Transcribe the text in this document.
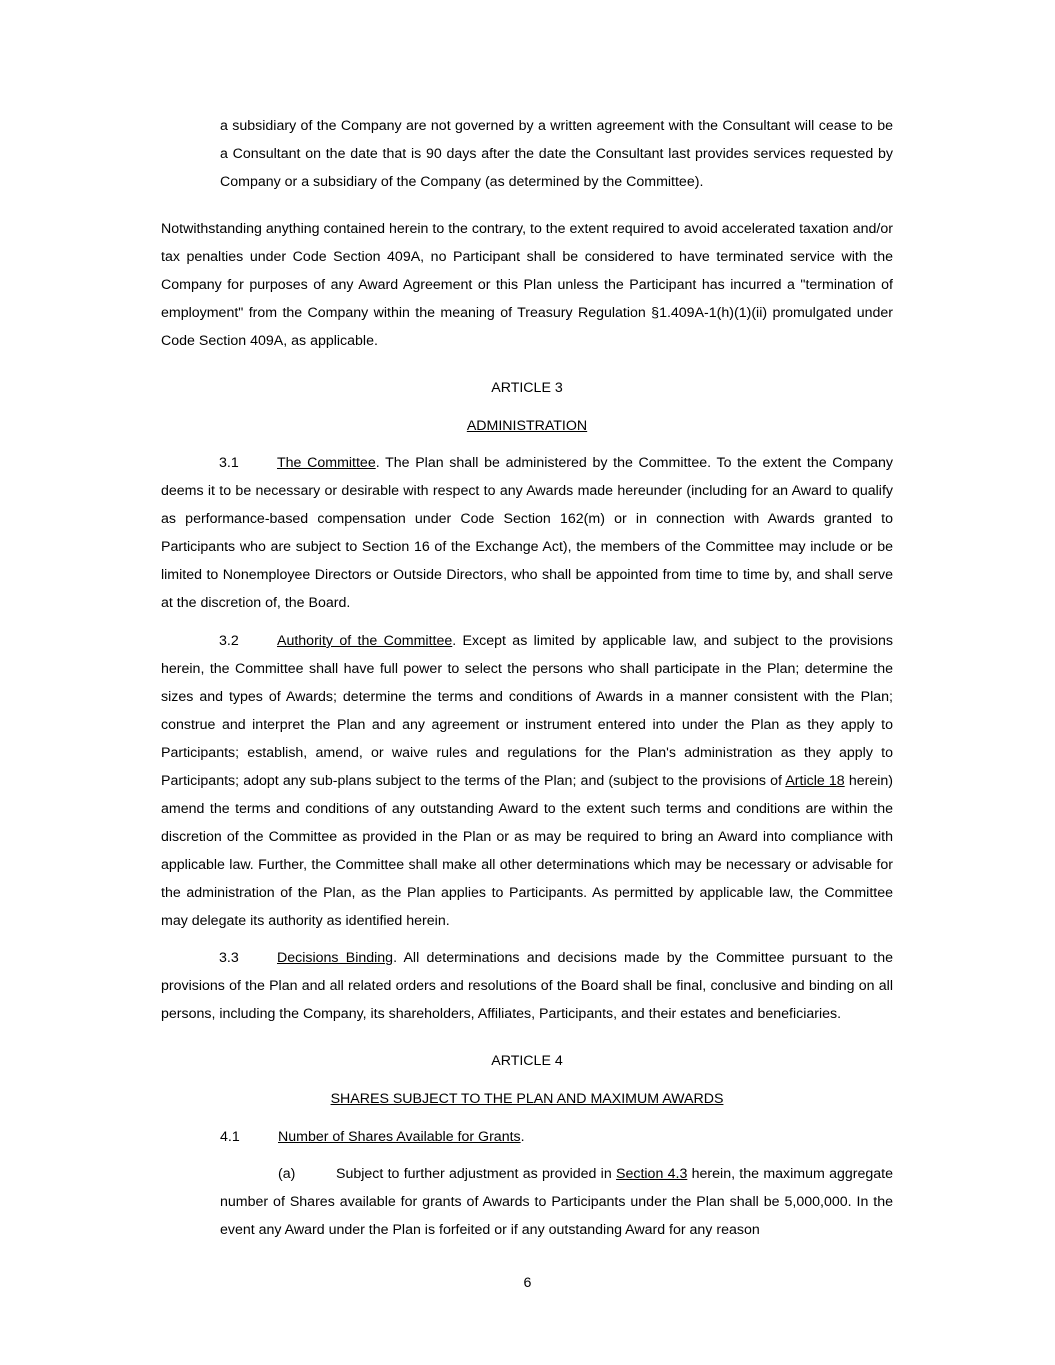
a subsidiary of the Company are not governed by a written agreement with the Consultant will cease to be a Consultant on the date that is 90 days after the date the Consultant last provides services requested by Company or a subsidiary of the Company (as determined by the Committee).

Notwithstanding anything contained herein to the contrary, to the extent required to avoid accelerated taxation and/or tax penalties under Code Section 409A, no Participant shall be considered to have terminated service with the Company for purposes of any Award Agreement or this Plan unless the Participant has incurred a "termination of employment" from the Company within the meaning of Treasury Regulation §1.409A-1(h)(1)(ii) promulgated under Code Section 409A, as applicable.

ARTICLE 3

ADMINISTRATION

3.1	The Committee. The Plan shall be administered by the Committee. To the extent the Company deems it to be necessary or desirable with respect to any Awards made hereunder (including for an Award to qualify as performance-based compensation under Code Section 162(m) or in connection with Awards granted to Participants who are subject to Section 16 of the Exchange Act), the members of the Committee may include or be limited to Nonemployee Directors or Outside Directors, who shall be appointed from time to time by, and shall serve at the discretion of, the Board.

3.2	Authority of the Committee. Except as limited by applicable law, and subject to the provisions herein, the Committee shall have full power to select the persons who shall participate in the Plan; determine the sizes and types of Awards; determine the terms and conditions of Awards in a manner consistent with the Plan; construe and interpret the Plan and any agreement or instrument entered into under the Plan as they apply to Participants; establish, amend, or waive rules and regulations for the Plan's administration as they apply to Participants; adopt any sub-plans subject to the terms of the Plan; and (subject to the provisions of Article 18 herein) amend the terms and conditions of any outstanding Award to the extent such terms and conditions are within the discretion of the Committee as provided in the Plan or as may be required to bring an Award into compliance with applicable law. Further, the Committee shall make all other determinations which may be necessary or advisable for the administration of the Plan, as the Plan applies to Participants. As permitted by applicable law, the Committee may delegate its authority as identified herein.

3.3	Decisions Binding. All determinations and decisions made by the Committee pursuant to the provisions of the Plan and all related orders and resolutions of the Board shall be final, conclusive and binding on all persons, including the Company, its shareholders, Affiliates, Participants, and their estates and beneficiaries.

ARTICLE 4

SHARES SUBJECT TO THE PLAN AND MAXIMUM AWARDS

4.1	Number of Shares Available for Grants.

(a)	Subject to further adjustment as provided in Section 4.3 herein, the maximum aggregate number of Shares available for grants of Awards to Participants under the Plan shall be 5,000,000. In the event any Award under the Plan is forfeited or if any outstanding Award for any reason

6
